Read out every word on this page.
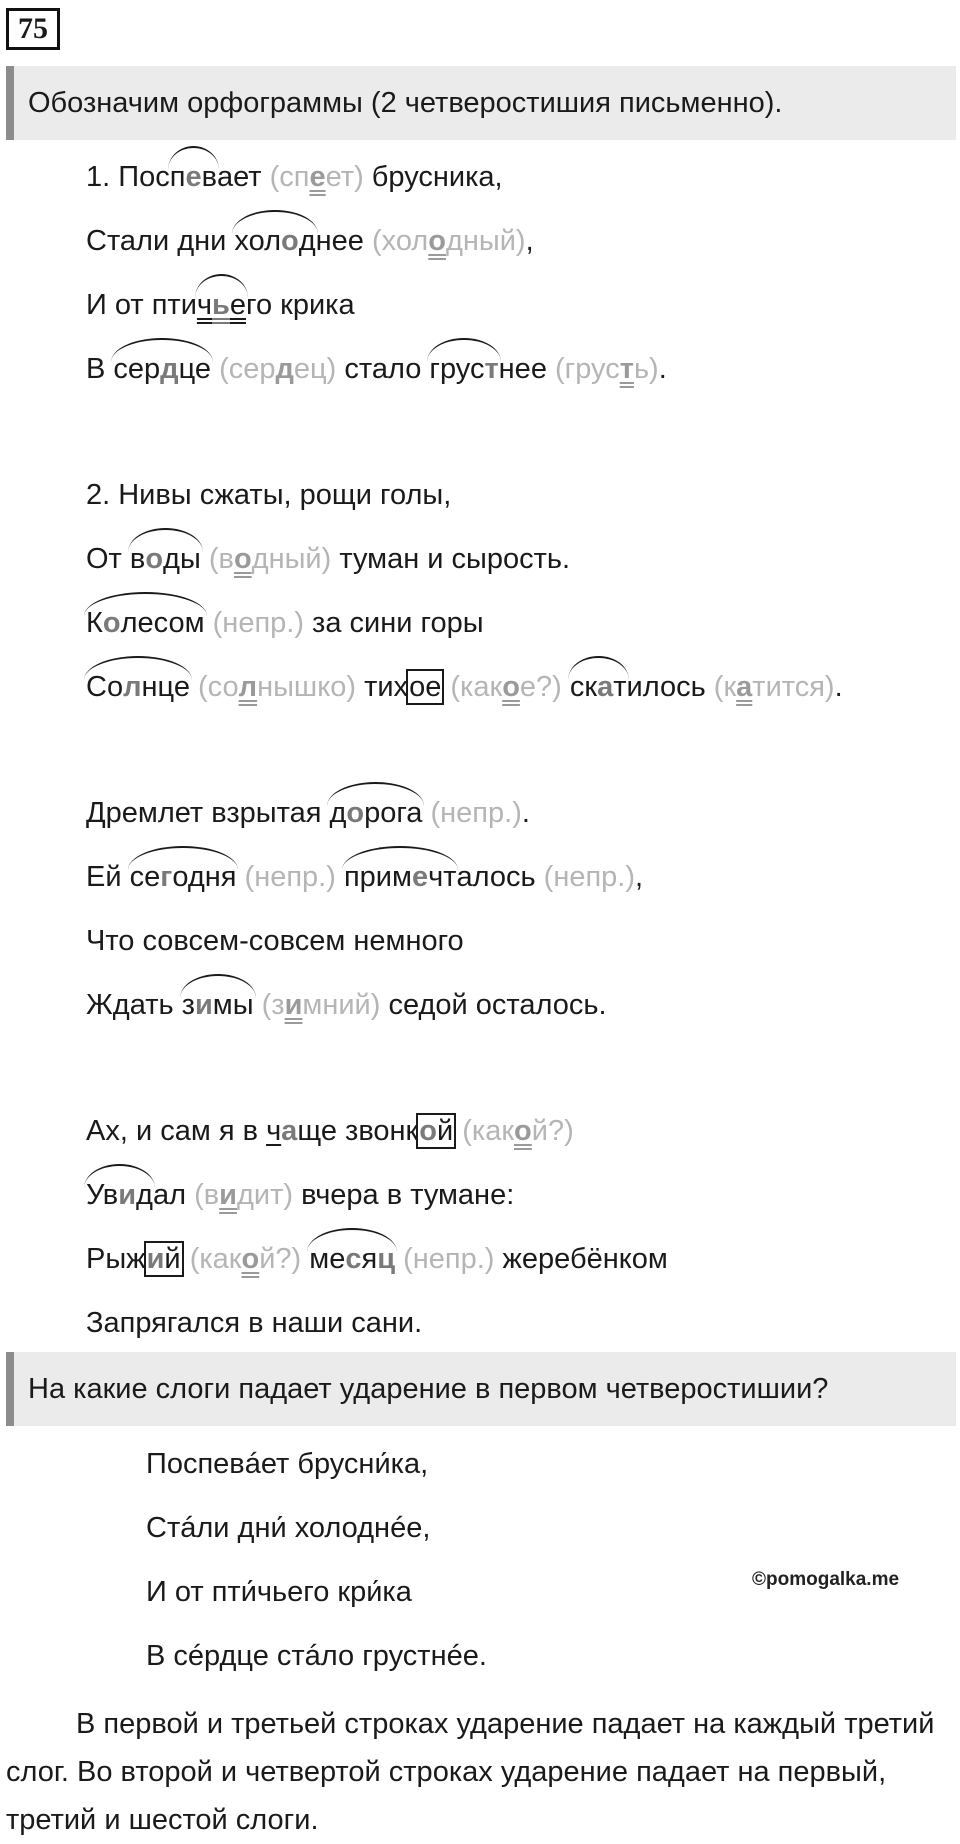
75
Обозначим орфограммы (2 четверостишия письменно).
1. Поспевает (спеет) брусника,
Стали дни холоднее (холодный),
И от птичьего крика
В сердце (сердец) стало грустнее (грусть).
2. Нивы сжаты, рощи голы,
От воды (водный) туман и сырость.
Колесом (непр.) за сини горы
Солнце (солнышко) тихое (какое?) скатилось (катится).
Дремлет взрытая дорога (непр.).
Ей сегодня (непр.) примечталось (непр.),
Что совсем-совсем немного
Ждать зимы (зимний) седой осталось.
Ах, и сам я в чаще звонкой (какой?)
Увидал (видит) вчера в тумане:
Рыжий (какой?) месяц (непр.) жеребёнком
Запрягался в наши сани.
На какие слоги падает ударение в первом четверостишии?
Поспевáет брусни́ка,
Стáли дни́ холоднée,
И от пти́чьего кри́ка
В сéрдце стáло грустнée.
©pomogalka.me
В первой и третьей строках ударение падает на каждый третий слог. Во второй и четвертой строках ударение падает на первый, третий и шестой слоги.
